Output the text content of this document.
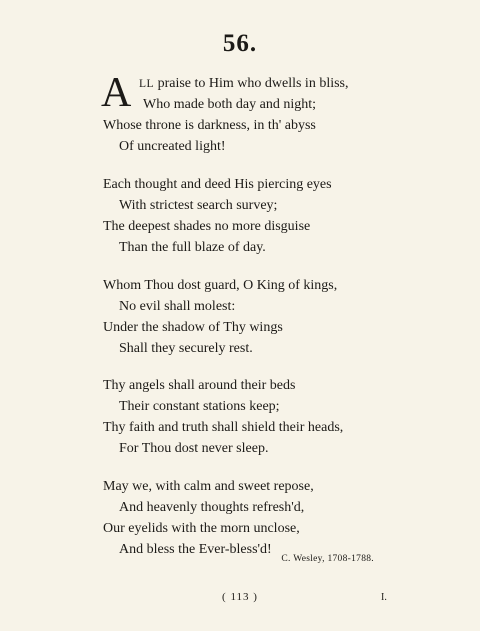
56.
A LL praise to Him who dwells in bliss,
Who made both day and night;
Whose throne is darkness, in th' abyss
Of uncreated light!
Each thought and deed His piercing eyes
With strictest search survey;
The deepest shades no more disguise
Than the full blaze of day.
Whom Thou dost guard, O King of kings,
No evil shall molest:
Under the shadow of Thy wings
Shall they securely rest.
Thy angels shall around their beds
Their constant stations keep;
Thy faith and truth shall shield their heads,
For Thou dost never sleep.
May we, with calm and sweet repose,
And heavenly thoughts refresh'd,
Our eyelids with the morn unclose,
And bless the Ever-bless'd!
C. Wesley, 1708-1788.
( 113 )	I.
